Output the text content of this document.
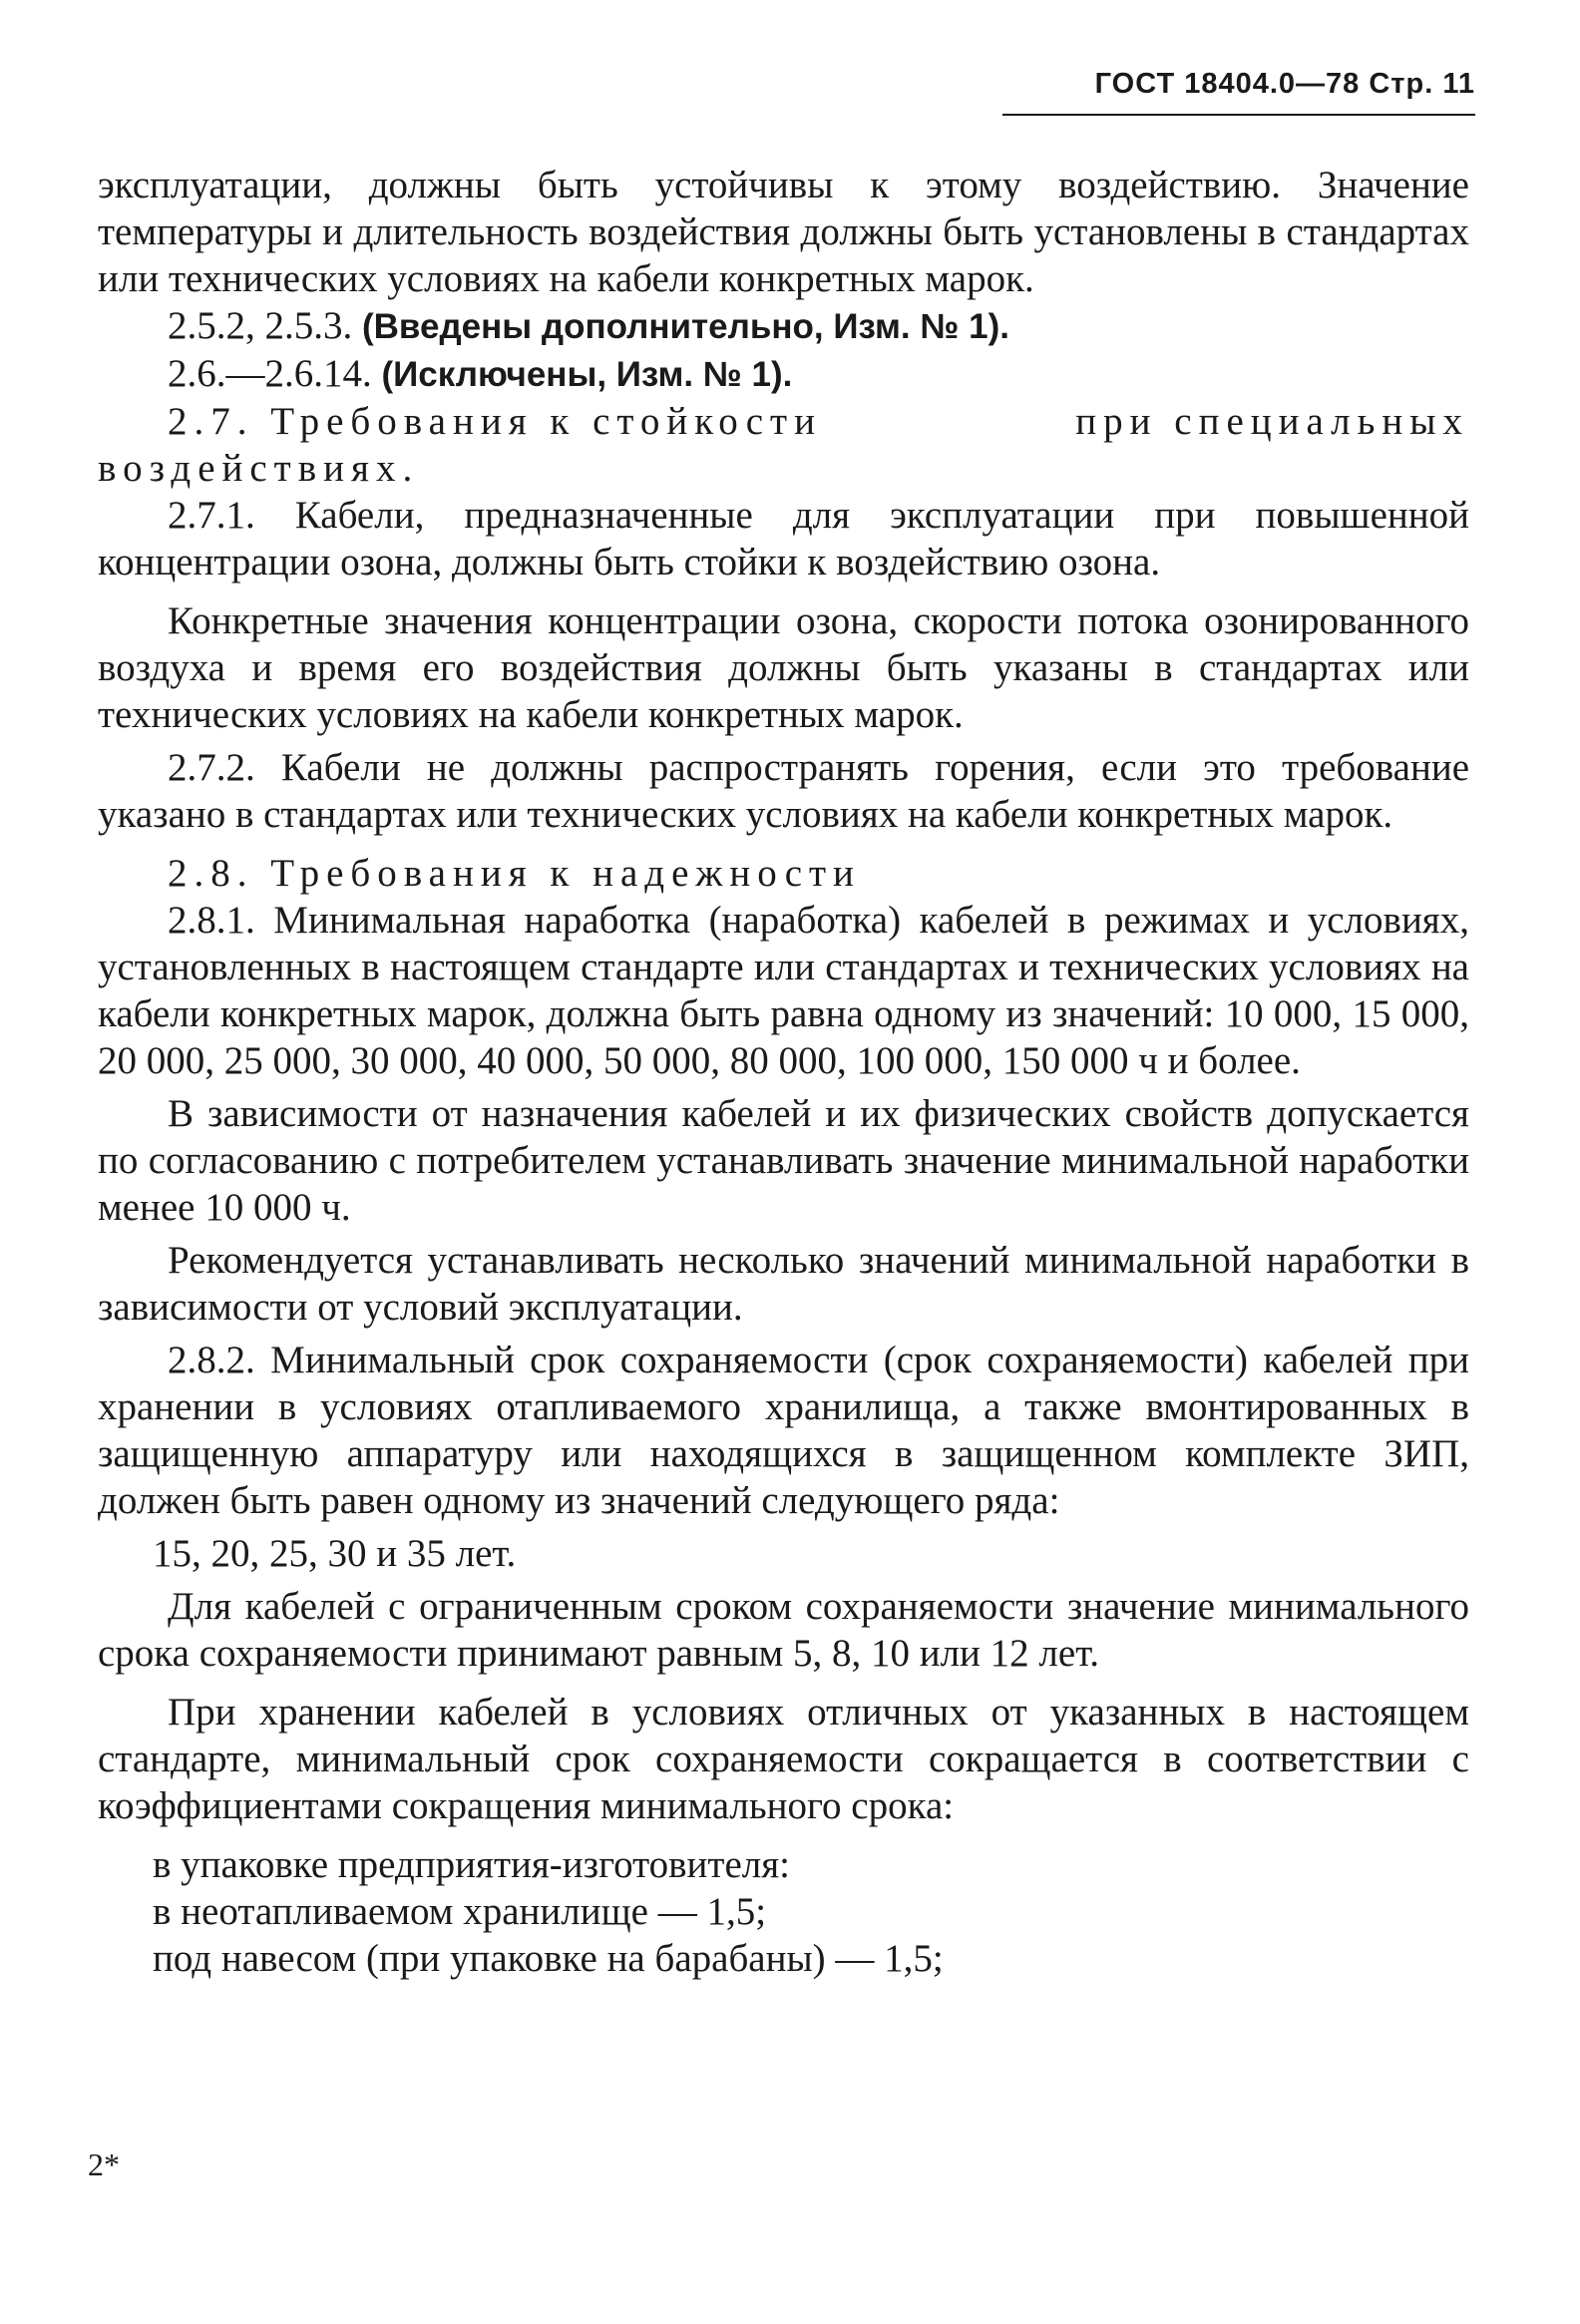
ГОСТ 18404.0—78 Стр. 11

эксплуатации, должны быть устойчивы к этому воздействию. Значение температуры и длительность воздействия должны быть установлены в стандартах или технических условиях на кабели конкретных марок.

2.5.2, 2.5.3. (Введены дополнительно, Изм. № 1).

2.6.—2.6.14. (Исключены, Изм. № 1).

2.7. Требования к стойкости	при специальных

воздействиях.

2.7.1. Кабели, предназначенные для эксплуатации при повышенной концентрации озона, должны быть стойки к воздействию озона.

Конкретные значения концентрации озона, скорости потока озонированного воздуха и время его воздействия должны быть указаны в стандартах или технических условиях на кабели конкретных марок.

2.7.2. Кабели не должны распространять горения, если это требование указано в стандартах или технических условиях на кабели конкретных марок.

2.8. Требования к надежности

2.8.1. Минимальная наработка (наработка) кабелей в режимах и условиях, установленных в настоящем стандарте или стандартах и технических условиях на кабели конкретных марок, должна быть равна одному из значений: 10 000, 15 000, 20 000, 25 000, 30 000, 40 000, 50 000, 80 000, 100 000, 150 000 ч и более.

В зависимости от назначения кабелей и их физических свойств допускается по согласованию с потребителем устанавливать значение минимальной наработки менее 10 000 ч.

Рекомендуется устанавливать несколько значений минимальной наработки в зависимости от условий эксплуатации.

2.8.2. Минимальный срок сохраняемости (срок сохраняемости) кабелей при хранении в условиях отапливаемого хранилища, а также вмонтированных в защищенную аппаратуру или находящихся в защищенном комплекте ЗИП, должен быть равен одному из значений следующего ряда:

15, 20, 25, 30 и 35 лет.

Для кабелей с ограниченным сроком сохраняемости значение минимального срока сохраняемости принимают равным 5, 8, 10 или 12 лет.

При хранении кабелей в условиях отличных от указанных в настоящем стандарте, минимальный срок сохраняемости сокращается в соответствии с коэффициентами сокращения минимального срока:

в упаковке предприятия-изготовителя:

в неотапливаемом хранилище — 1,5;

под навесом (при упаковке на барабаны) — 1,5;

2*
